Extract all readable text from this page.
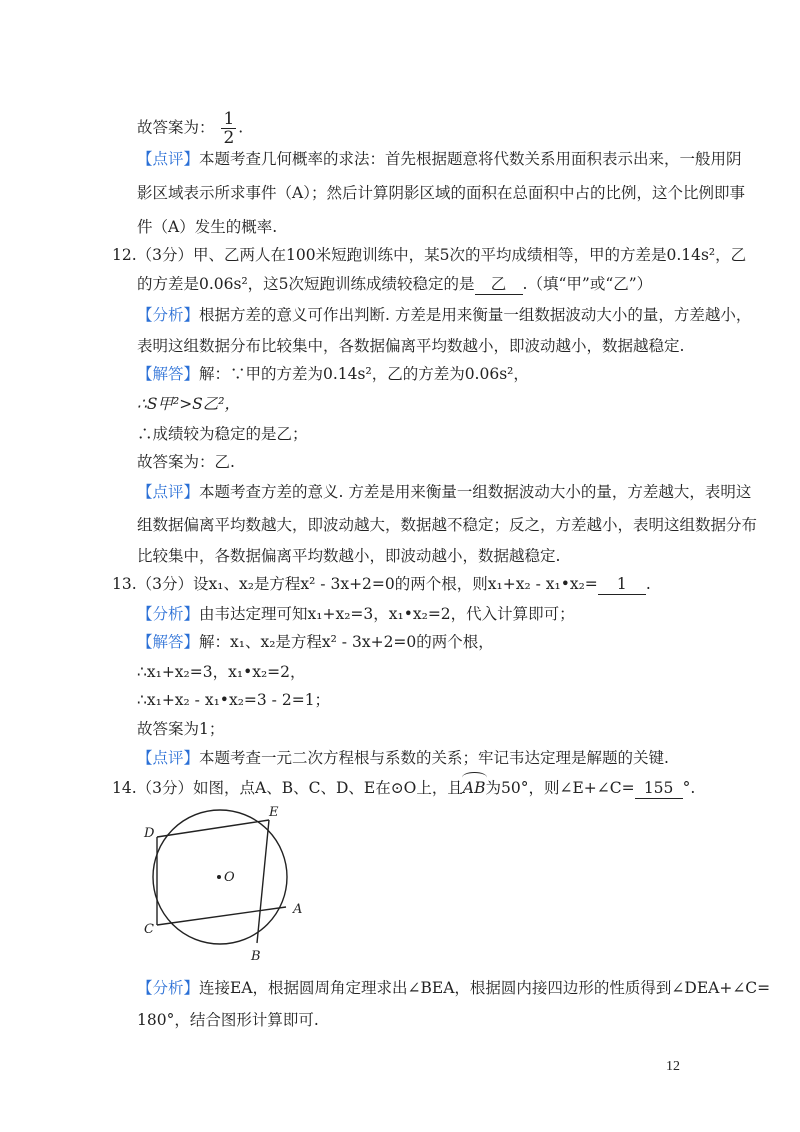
故答案为： $\frac{1}{2}$ .
【点评】本题考查几何概率的求法：首先根据题意将代数关系用面积表示出来，一般用阴
影区域表示所求事件（A）；然后计算阴影区域的面积在总面积中占的比例，这个比例即事
件（A）发生的概率.
12.（3分）甲、乙两人在100米短跑训练中，某5次的平均成绩相等，甲的方差是0.14s²，乙
的方差是0.06s²，这5次短跑训练成绩较稳定的是 乙 .（填“甲”或“乙”）
【分析】根据方差的意义可作出判断. 方差是用来衡量一组数据波动大小的量，方差越小，
表明这组数据分布比较集中，各数据偏离平均数越小，即波动越小，数据越稳定.
【解答】解：∵甲的方差为0.14s²，乙的方差为0.06s²，
∴S甲²>S乙²，
∴成绩较为稳定的是乙；
故答案为：乙.
【点评】本题考查方差的意义. 方差是用来衡量一组数据波动大小的量，方差越大，表明这
组数据偏离平均数越大，即波动越大，数据越不稳定；反之，方差越小，表明这组数据分布
比较集中，各数据偏离平均数越小，即波动越小，数据越稳定.
13.（3分）设x₁、x₂是方程x² - 3x+2=0的两个根，则x₁+x₂ - x₁•x₂= 1 .
【分析】由韦达定理可知x₁+x₂=3，x₁•x₂=2，代入计算即可；
【解答】解：x₁、x₂是方程x² - 3x+2=0的两个根，
∴x₁+x₂=3，x₁•x₂=2，
∴x₁+x₂ - x₁•x₂=3 - 2=1；
故答案为1；
【点评】本题考查一元二次方程根与系数的关系；牢记韦达定理是解题的关键.
14.（3分）如图，点A、B、C、D、E在⊙O上，且AB为50°，则∠E+∠C= 155 °.
D
E
O
A
C
B
【分析】连接EA，根据圆周角定理求出∠BEA，根据圆内接四边形的性质得到∠DEA+∠C=
180°，结合图形计算即可.
12
